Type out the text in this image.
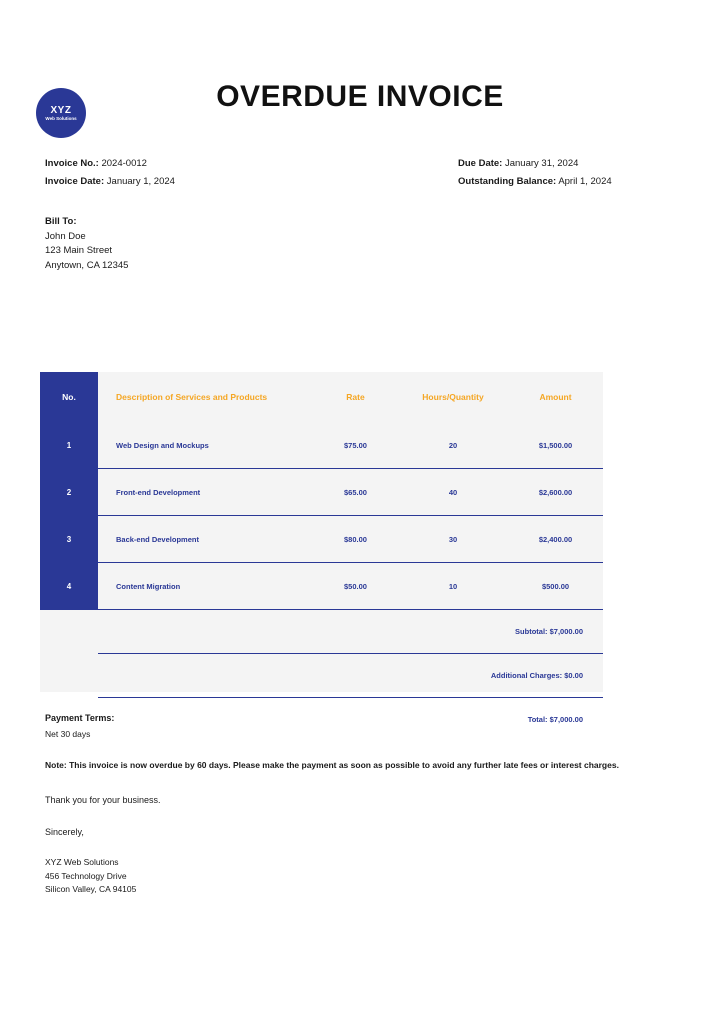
XYZ
Web Solutions
OVERDUE INVOICE
Invoice No.: 2024-0012
Invoice Date: January 1, 2024
Due Date: January 31, 2024
Outstanding Balance: April 1, 2024
Bill To:
John Doe
123 Main Street
Anytown, CA 12345
No.	Description of Services and Products	Rate	Hours/Quantity	Amount
1	Web Design and Mockups	$75.00	20	$1,500.00
2	Front-end Development	$65.00	40	$2,600.00
3	Back-end Development	$80.00	30	$2,400.00
4	Content Migration	$50.00	10	$500.00
	Subtotal: $7,000.00			
	Additional Charges: $0.00			
	Total: $7,000.00			
Payment Terms:
Net 30 days
Note: This invoice is now overdue by 60 days. Please make the payment as soon as possible to avoid any further late fees or interest charges.
Thank you for your business.
Sincerely,
XYZ Web Solutions
456 Technology Drive
Silicon Valley, CA 94105
